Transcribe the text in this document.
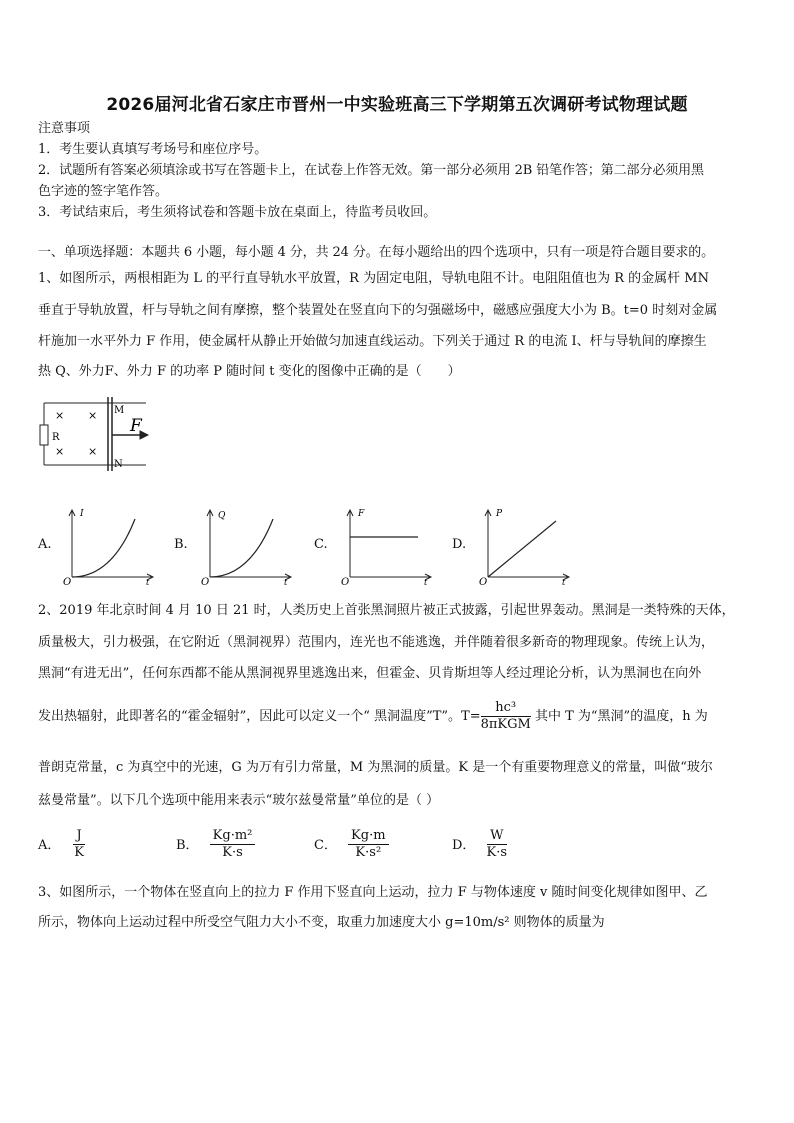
2026届河北省石家庄市晋州一中实验班高三下学期第五次调研考试物理试题
注意事项
1．考生要认真填写考场号和座位序号。
2．试题所有答案必须填涂或书写在答题卡上，在试卷上作答无效。第一部分必须用 2B 铅笔作答；第二部分必须用黑
色字迹的签字笔作答。
3．考试结束后，考生须将试卷和答题卡放在桌面上，待监考员收回。
一、单项选择题：本题共 6 小题，每小题 4 分，共 24 分。在每小题给出的四个选项中，只有一项是符合题目要求的。
1、如图所示，两根相距为 L 的平行直导轨水平放置，R 为固定电阻，导轨电阻不计。电阻阻值也为 R 的金属杆 MN
垂直于导轨放置，杆与导轨之间有摩擦，整个装置处在竖直向下的匀强磁场中，磁感应强度大小为 B。t=0 时刻对金属
杆施加一水平外力 F 作用，使金属杆从静止开始做匀加速直线运动。下列关于通过 R 的电流 I、杆与导轨间的摩擦生
热 Q、外力F、外力 F 的功率 P 随时间 t 变化的图像中正确的是（　　）
R
M
N
F
× ×
× ×
A.
I
t
O
B.
Q
t
O
C.
F
t
O
D.
P
t
O
2、2019 年北京时间 4 月 10 日 21 时，人类历史上首张黑洞照片被正式披露，引起世界轰动。黑洞是一类特殊的天体，
质量极大，引力极强，在它附近（黑洞视界）范围内，连光也不能逃逸，并伴随着很多新奇的物理现象。传统上认为，
黑洞“有进无出”，任何东西都不能从黑洞视界里逃逸出来，但霍金、贝肯斯坦等人经过理论分析，认为黑洞也在向外
发出热辐射，此即著名的“霍金辐射”，因此可以定义一个“ 黑洞温度”T”。$T= \frac{\text{hc³}}{\text{8πKGM}}$ 其中 T 为“黑洞”的温度，h 为
普朗克常量，c 为真空中的光速，G 为万有引力常量，M 为黑洞的质量。K 是一个有重要物理意义的常量，叫做“玻尔
兹曼常量”。以下几个选项中能用来表示“玻尔兹曼常量”单位的是（ ）
A． $\frac{J}{K}$	B． $\frac{\text{Kg·m²}}{K\cdot s}$	C． $\frac{Kg\cdot m}{\text{K·s²}}$	D． $\frac{W}{K\cdot s}$
3、如图所示，一个物体在竖直向上的拉力 F 作用下竖直向上运动，拉力 F 与物体速度 v 随时间变化规律如图甲、乙
所示，物体向上运动过程中所受空气阻力大小不变，取重力加速度大小 g=10m/s² 则物体的质量为
